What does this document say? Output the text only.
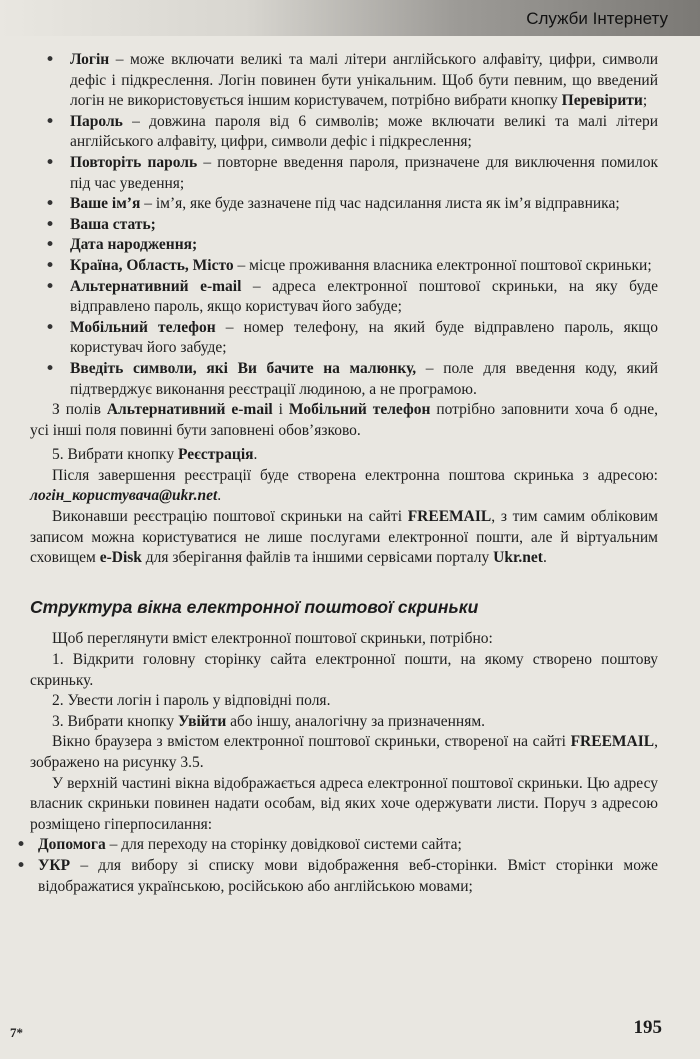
Служби Інтернету
• Логін – може включати великі та малі літери англійського алфавіту, цифри, символи дефіс і підкреслення. Логін повинен бути унікальним. Щоб бути певним, що введений логін не використовується іншим користувачем, потрібно вибрати кнопку Перевірити;
• Пароль – довжина пароля від 6 символів; може включати великі та малі літери англійського алфавіту, цифри, символи дефіс і підкреслення;
• Повторіть пароль – повторне введення пароля, призначене для виключення помилок під час уведення;
• Ваше ім’я – ім’я, яке буде зазначене під час надсилання листа як ім’я відправника;
• Ваша стать;
• Дата народження;
• Країна, Область, Місто – місце проживання власника електронної поштової скриньки;
• Альтернативний e-mail – адреса електронної поштової скриньки, на яку буде відправлено пароль, якщо користувач його забуде;
• Мобільний телефон – номер телефону, на який буде відправлено пароль, якщо користувач його забуде;
• Введіть символи, які Ви бачите на малюнку, – поле для введення коду, який підтверджує виконання реєстрації людиною, а не програмою.

З полів Альтернативний e-mail і Мобільний телефон потрібно заповнити хоча б одне, усі інші поля повинні бути заповнені обов’язково.

5. Вибрати кнопку Реєстрація.

Після завершення реєстрації буде створена електронна поштова скринька з адресою: логін_користувача@ukr.net.

Виконавши реєстрацію поштової скриньки на сайті FREEMAIL, з тим самим обліковим записом можна користуватися не лише послугами електронної пошти, але й віртуальним сховищем e-Disk для зберігання файлів та іншими сервісами порталу Ukr.net.

Структура вікна електронної поштової скриньки

Щоб переглянути вміст електронної поштової скриньки, потрібно:

1. Відкрити головну сторінку сайта електронної пошти, на якому створено поштову скриньку.

2. Увести логін і пароль у відповідні поля.

3. Вибрати кнопку Увійти або іншу, аналогічну за призначенням.

Вікно браузера з вмістом електронної поштової скриньки, створеної на сайті FREEMAIL, зображено на рисунку 3.5.

У верхній частині вікна відображається адреса електронної поштової скриньки. Цю адресу власник скриньки повинен надати особам, від яких хоче одержувати листи. Поруч з адресою розміщено гіперпосилання:

• Допомога – для переходу на сторінку довідкової системи сайта;
• УКР – для вибору зі списку мови відображення веб-сторінки. Вміст сторінки може відображатися українською, російською або англійською мовами;
7*	195
